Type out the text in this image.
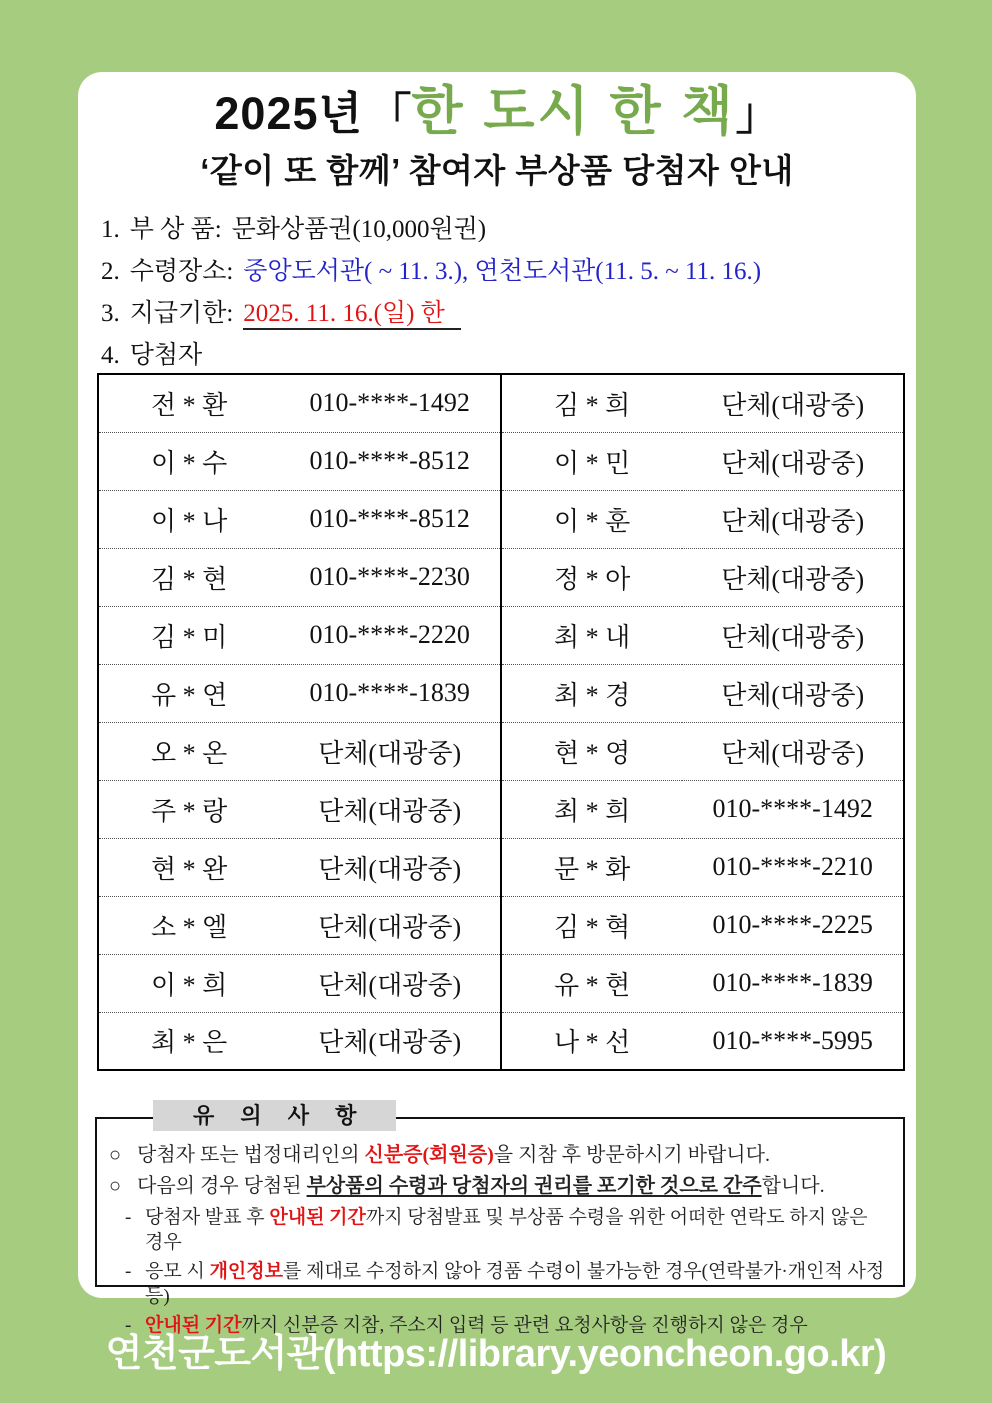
2025년 「한 도시 한 책」
‘같이 또 함께’ 참여자 부상품 당첨자 안내
1. 부 상 품: 문화상품권(10,000원권)
2. 수령장소: 중앙도서관( ~ 11. 3.), 연천도서관(11. 5. ~ 11. 16.)
3. 지급기한: 2025. 11. 16.(일) 한
4. 당첨자
전 * 환	010-****-1492	김 * 희	단체(대광중)
이 * 수	010-****-8512	이 * 민	단체(대광중)
이 * 나	010-****-8512	이 * 훈	단체(대광중)
김 * 현	010-****-2230	정 * 아	단체(대광중)
김 * 미	010-****-2220	최 * 내	단체(대광중)
유 * 연	010-****-1839	최 * 경	단체(대광중)
오 * 온	단체(대광중)	현 * 영	단체(대광중)
주 * 랑	단체(대광중)	최 * 희	010-****-1492
현 * 완	단체(대광중)	문 * 화	010-****-2210
소 * 엘	단체(대광중)	김 * 혁	010-****-2225
이 * 희	단체(대광중)	유 * 현	010-****-1839
최 * 은	단체(대광중)	나 * 선	010-****-5995
유 의 사 항
○ 당첨자 또는 법정대리인의 신분증(회원증)을 지참 후 방문하시기 바랍니다.
○ 다음의 경우 당첨된 부상품의 수령과 당첨자의 권리를 포기한 것으로 간주합니다.
- 당첨자 발표 후 안내된 기간까지 당첨발표 및 부상품 수령을 위한 어떠한 연락도 하지 않은 경우
- 응모 시 개인정보를 제대로 수정하지 않아 경품 수령이 불가능한 경우(연락불가·개인적 사정 등)
- 안내된 기간까지 신분증 지참, 주소지 입력 등 관련 요청사항을 진행하지 않은 경우
연천군도서관(https://library.yeoncheon.go.kr)
